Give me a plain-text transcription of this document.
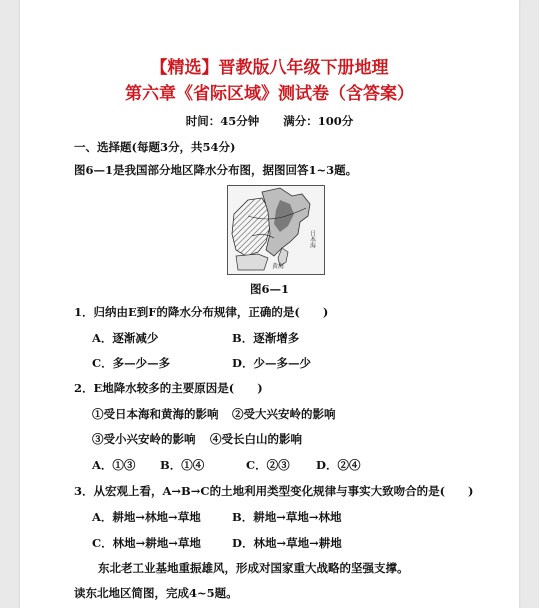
【精选】晋教版八年级下册地理
第六章《省际区域》测试卷（含答案）
时间：45分钟 满分：100分
一、选择题(每题3分，共54分)
图6—1是我国部分地区降水分布图，据图回答1~3题。
日本海
黄海
图6—1
1．归纳由E到F的降水分布规律，正确的是(　　)
A．逐渐减少	B．逐渐增多
C．多—少—多	D．少—多—少
2．E地降水较多的主要原因是(　　)
①受日本海和黄海的影响 ②受大兴安岭的影响
③受小兴安岭的影响 ④受长白山的影响
A．①③ B．①④	C．②③ D．②④
3．从宏观上看，A→B→C的土地利用类型变化规律与事实大致吻合的是(　　)
A．耕地→林地→草地	B．耕地→草地→林地
C．林地→耕地→草地	D．林地→草地→耕地
东北老工业基地重振雄风，形成对国家重大战略的坚强支撑。
读东北地区简图，完成4~5题。
